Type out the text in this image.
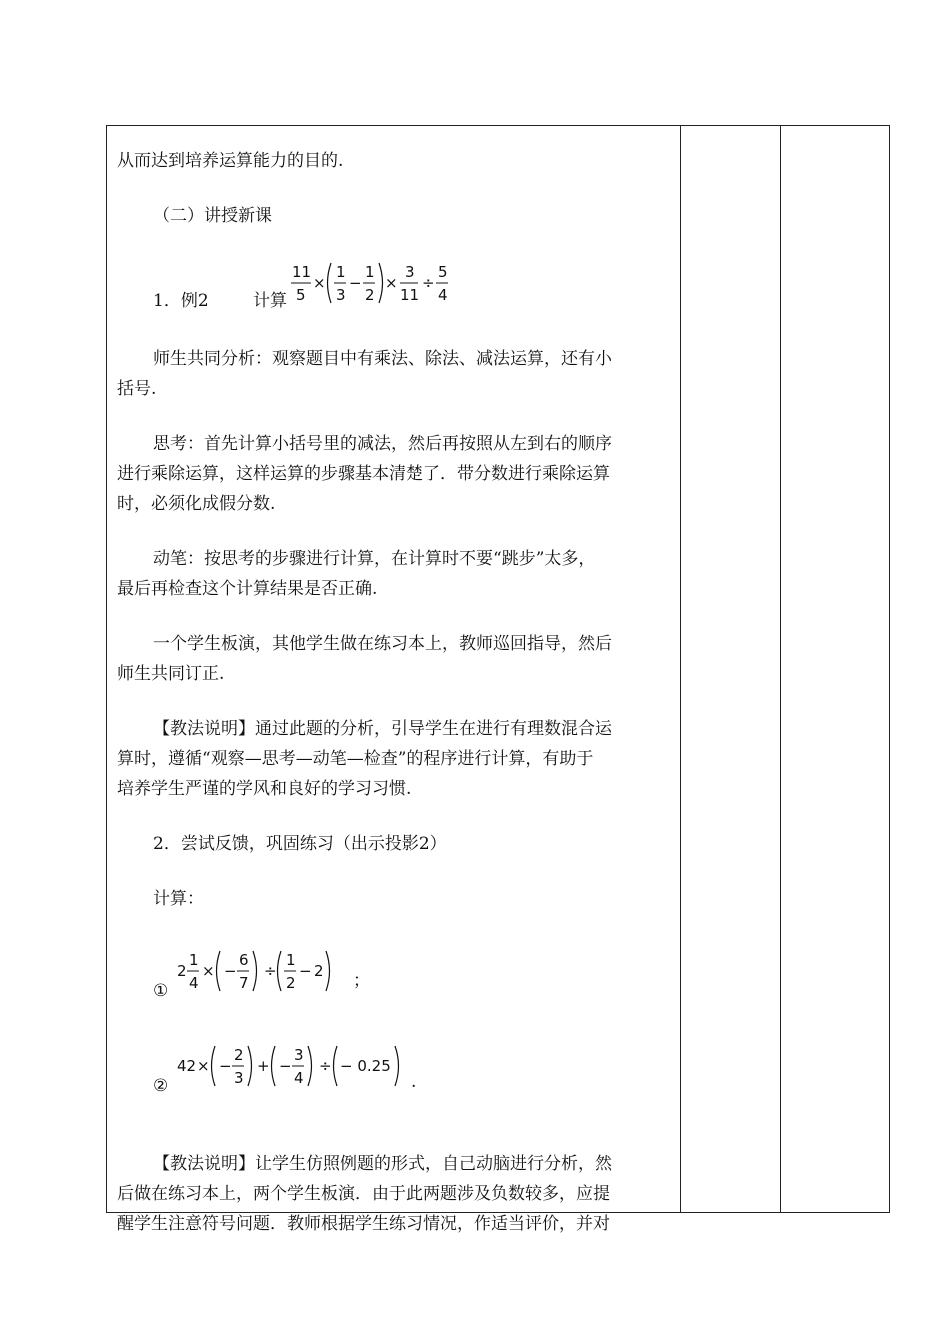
从而达到培养运算能力的目的.
（二）讲授新课
1．例2	计算
11
5
×
1
3
−
1
2
×
3
11
÷
5
4
师生共同分析：观察题目中有乘法、除法、减法运算，还有小
括号.
思考：首先计算小括号里的减法，然后再按照从左到右的顺序
进行乘除运算，这样运算的步骤基本清楚了．带分数进行乘除运算
时，必须化成假分数.
动笔：按思考的步骤进行计算，在计算时不要“跳步”太多，
最后再检查这个计算结果是否正确.
一个学生板演，其他学生做在练习本上，教师巡回指导，然后
师生共同订正.
【教法说明】通过此题的分析，引导学生在进行有理数混合运
算时，遵循“观察—思考—动笔—检查”的程序进行计算，有助于
培养学生严谨的学风和良好的学习习惯.
2．尝试反馈，巩固练习（出示投影2）
计算：
①
2
1
4
× −
6
7
÷
1
2
− 2 ；
②
42 × −
2
3
+ −
3
4
÷ − 0.25
.
【教法说明】让学生仿照例题的形式，自己动脑进行分析，然
后做在练习本上，两个学生板演．由于此两题涉及负数较多，应提
醒学生注意符号问题．教师根据学生练习情况，作适当评价，并对
